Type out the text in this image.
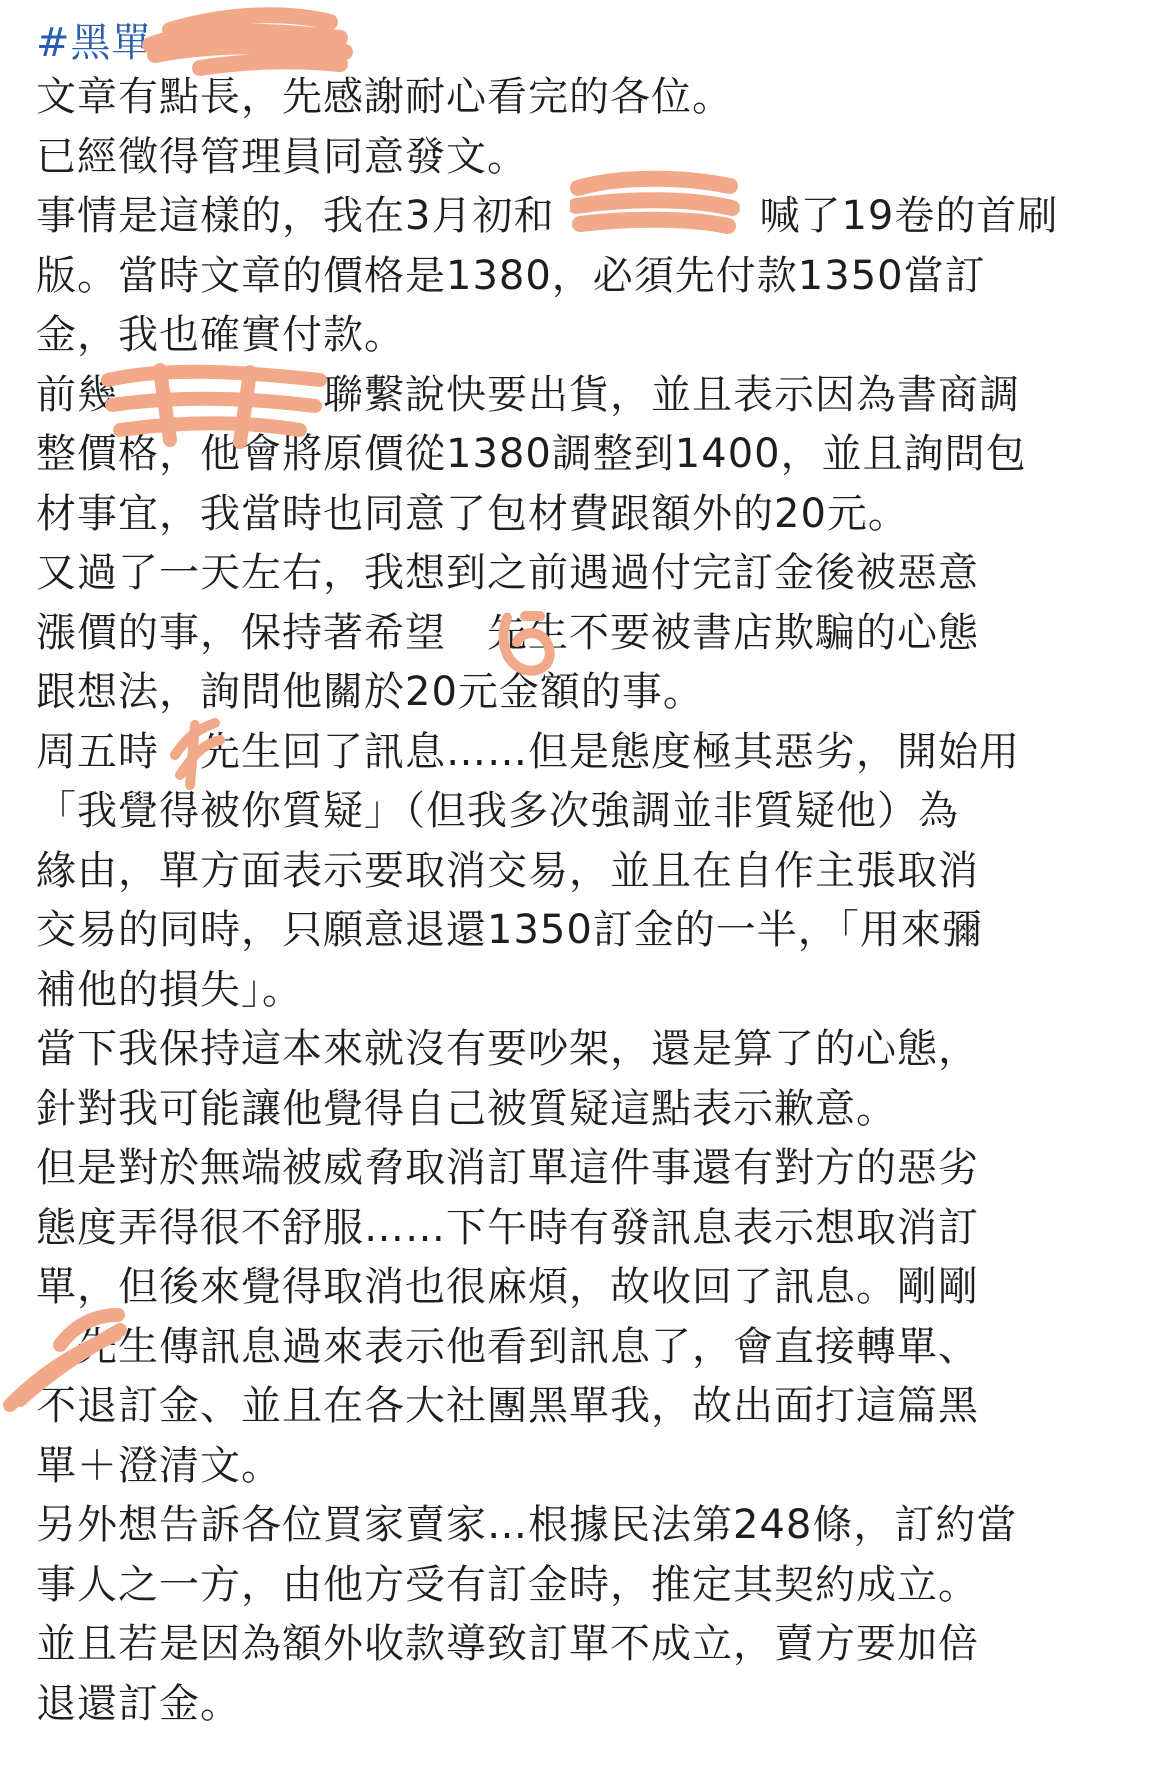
#黑單
文章有點長，先感謝耐心看完的各位。
已經徵得管理員同意發文。
事情是這樣的，我在3月初和　　　　　喊了19卷的首刷
版。當時文章的價格是1380，必須先付款1350當訂
金，我也確實付款。
前幾　　　　　聯繫說快要出貨，並且表示因為書商調
整價格，他會將原價從1380調整到1400，並且詢問包
材事宜，我當時也同意了包材費跟額外的20元。
又過了一天左右，我想到之前遇過付完訂金後被惡意
漲價的事，保持著希望　先生不要被書店欺騙的心態
跟想法，詢問他關於20元金額的事。
周五時　先生回了訊息……但是態度極其惡劣，開始用
「我覺得被你質疑」（但我多次強調並非質疑他）為
緣由，單方面表示要取消交易，並且在自作主張取消
交易的同時，只願意退還1350訂金的一半，「用來彌
補他的損失」。
當下我保持這本來就沒有要吵架，還是算了的心態，
針對我可能讓他覺得自己被質疑這點表示歉意。
但是對於無端被威脅取消訂單這件事還有對方的惡劣
態度弄得很不舒服……下午時有發訊息表示想取消訂
單，但後來覺得取消也很麻煩，故收回了訊息。剛剛
　先生傳訊息過來表示他看到訊息了，會直接轉單、
不退訂金、並且在各大社團黑單我，故出面打這篇黑
單＋澄清文。
另外想告訴各位買家賣家…根據民法第248條，訂約當
事人之一方，由他方受有訂金時，推定其契約成立。
並且若是因為額外收款導致訂單不成立，賣方要加倍
退還訂金。
